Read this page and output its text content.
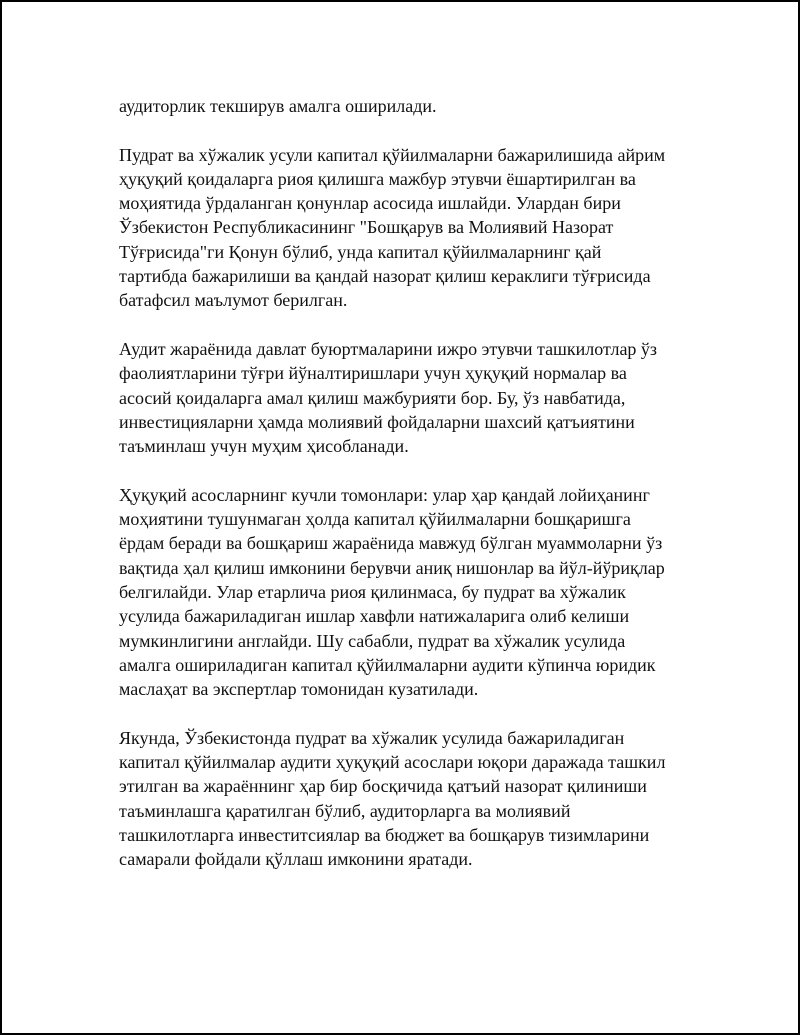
аудиторлик текширув амалга оширилади.

Пудрат ва хўжалик усули капитал қўйилмаларни бажарилишида айрим
ҳуқуқий қоидаларга риоя қилишга мажбур этувчи ёшартирилган ва
моҳиятида ўрдаланган қонунлар асосида ишлайди. Улардан бири
Ўзбекистон Республикасининг "Бошқарув ва Молиявий Назорат
Тўғрисида"ги Қонун бўлиб, унда капитал қўйилмаларнинг қай
тартибда бажарилиши ва қандай назорат қилиш кераклиги тўғрисида
батафсил маълумот берилган.

Аудит жараёнида давлат буюртмаларини ижро этувчи ташкилотлар ўз
фаолиятларини тўғри йўналтиришлари учун ҳуқуқий нормалар ва
асосий қоидаларга амал қилиш мажбурияти бор. Бу, ўз навбатида,
инвестицияларни ҳамда молиявий фойдаларни шахсий қатъиятини
таъминлаш учун муҳим ҳисобланади.

Ҳуқуқий асосларнинг кучли томонлари: улар ҳар қандай лойиҳанинг
моҳиятини тушунмаган ҳолда капитал қўйилмаларни бошқаришга
ёрдам беради ва бошқариш жараёнида мавжуд бўлган муаммоларни ўз
вақтида ҳал қилиш имконини берувчи аниқ нишонлар ва йўл-йўриқлар
белгилайди. Улар етарлича риоя қилинмаса, бу пудрат ва хўжалик
усулида бажариладиган ишлар хавфли натижаларига олиб келиши
мумкинлигини англайди. Шу сабабли, пудрат ва хўжалик усулида
амалга ошириладиган капитал қўйилмаларни аудити кўпинча юридик
маслаҳат ва экспертлар томонидан кузатилади.

Якунда, Ўзбекистонда пудрат ва хўжалик усулида бажариладиган
капитал қўйилмалар аудити ҳуқуқий асослари юқори даражада ташкил
этилган ва жараённинг ҳар бир босқичида қатъий назорат қилиниши
таъминлашга қаратилган бўлиб, аудиторларга ва молиявий
ташкилотларга инвеститсиялар ва бюджет ва бошқарув тизимларини
самарали фойдали қўллаш имконини яратади.
